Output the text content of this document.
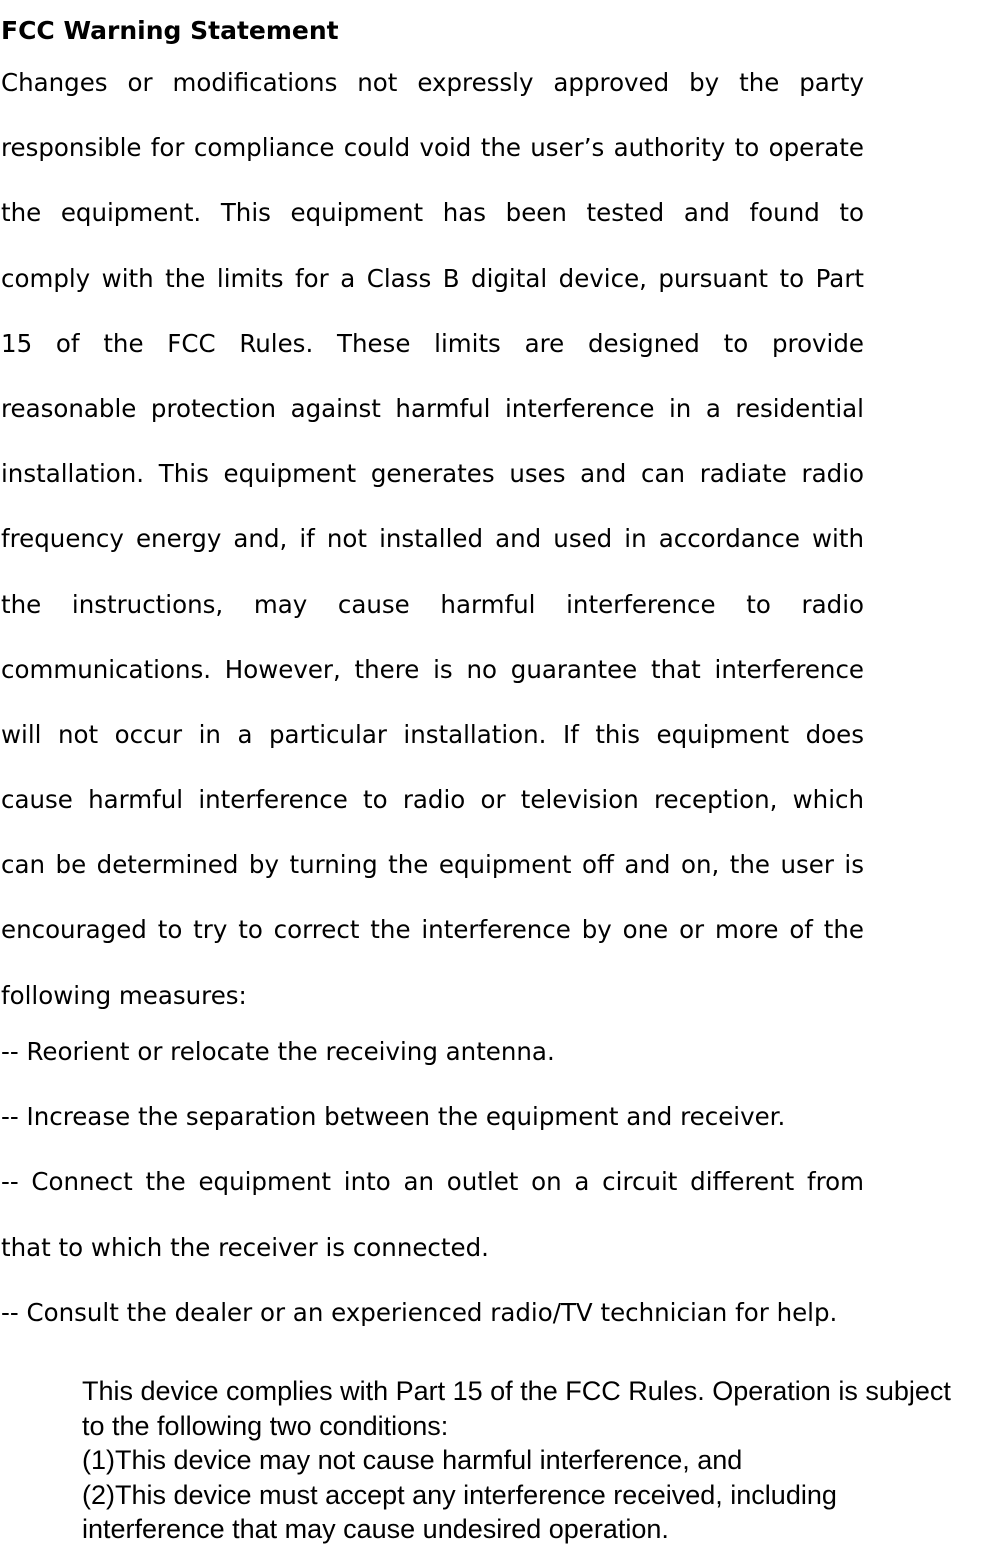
FCC Warning Statement
Changes or modifications not expressly approved by the party
responsible for compliance could void the user’s authority to operate
the equipment. This equipment has been tested and found to
comply with the limits for a Class B digital device, pursuant to Part
15 of the FCC Rules. These limits are designed to provide
reasonable protection against harmful interference in a residential
installation. This equipment generates uses and can radiate radio
frequency energy and, if not installed and used in accordance with
the instructions, may cause harmful interference to radio
communications. However, there is no guarantee that interference
will not occur in a particular installation. If this equipment does
cause harmful interference to radio or television reception, which
can be determined by turning the equipment off and on, the user is
encouraged to try to correct the interference by one or more of the
following measures:
-- Reorient or relocate the receiving antenna.
-- Increase the separation between the equipment and receiver.
-- Connect the equipment into an outlet on a circuit different from
that to which the receiver is connected.
-- Consult the dealer or an experienced radio/TV technician for help.
This device complies with Part 15 of the FCC Rules. Operation is subject
to the following two conditions:
(1)This device may not cause harmful interference, and
(2)This device must accept any interference received, including
interference that may cause undesired operation.
